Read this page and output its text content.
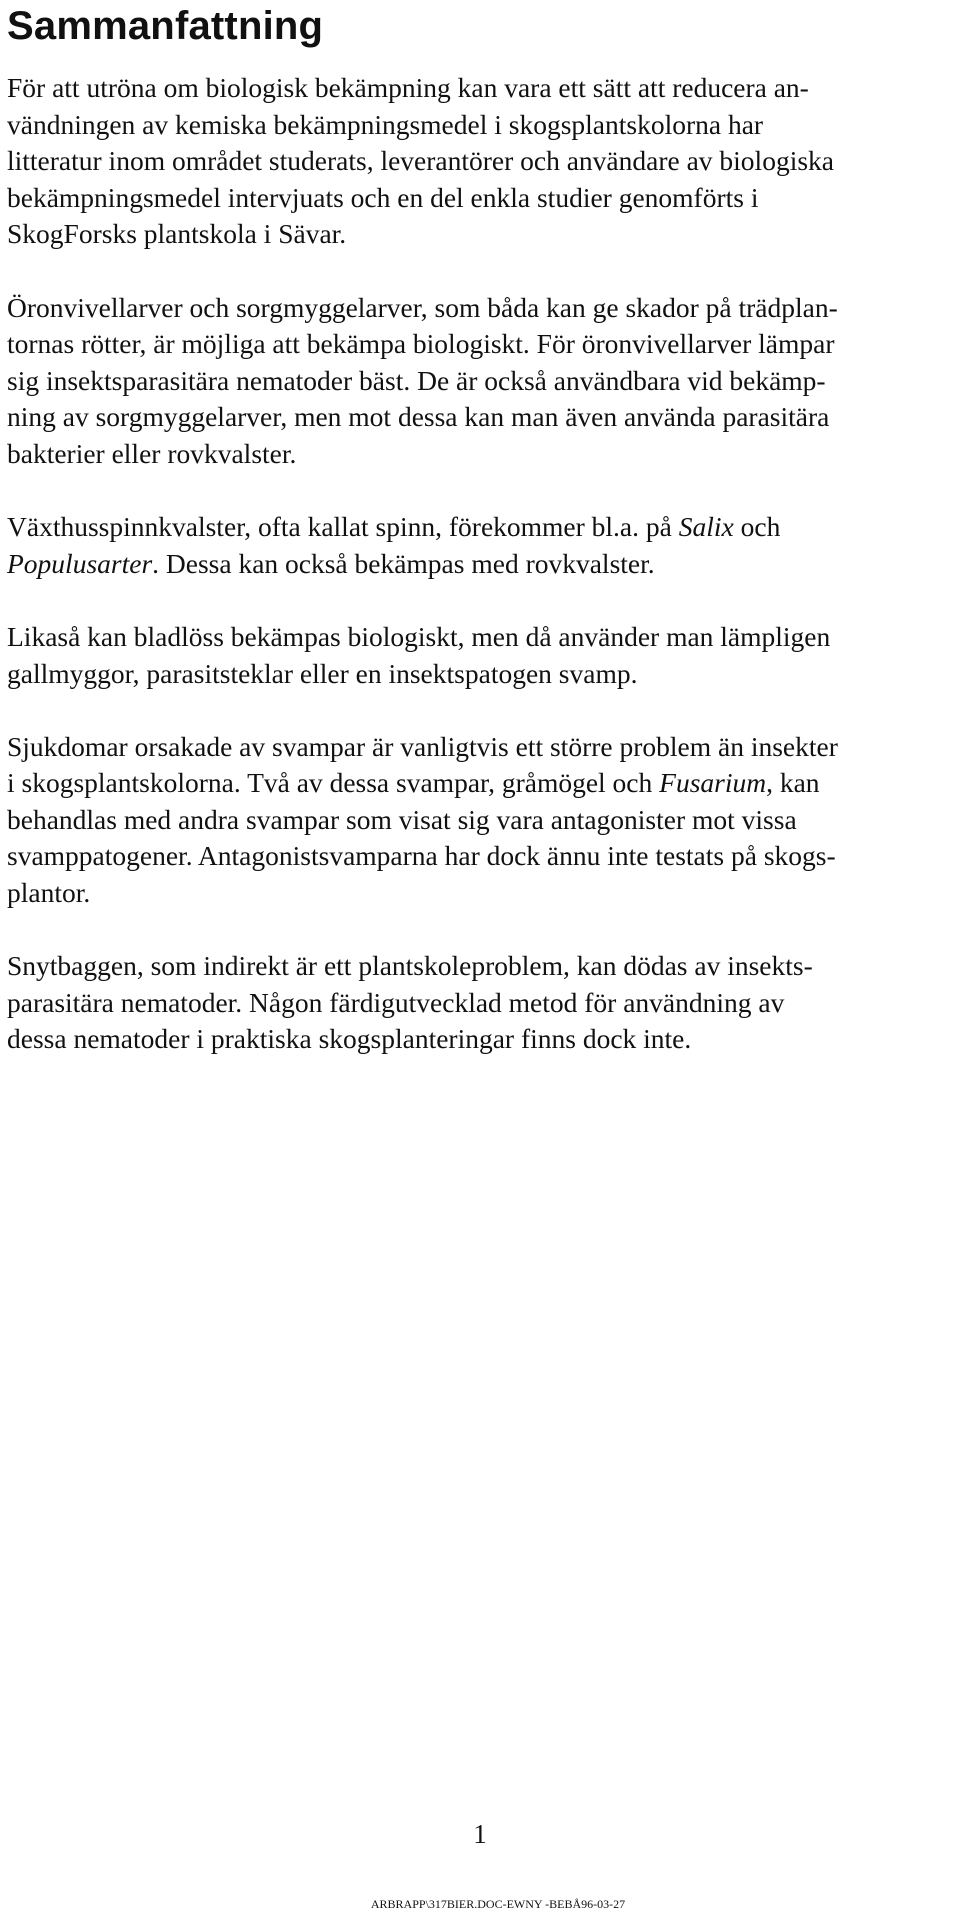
Sammanfattning

För att utröna om biologisk bekämpning kan vara ett sätt att reducera an-
vändningen av kemiska bekämpningsmedel i skogsplantskolorna har
litteratur inom området studerats, leverantörer och användare av biologiska
bekämpningsmedel intervjuats och en del enkla studier genomförts i
SkogForsks plantskola i Sävar.

Öronvivellarver och sorgmyggelarver, som båda kan ge skador på trädplan-
tornas rötter, är möjliga att bekämpa biologiskt. För öronvivellarver lämpar
sig insektsparasitära nematoder bäst. De är också användbara vid bekämp-
ning av sorgmyggelarver, men mot dessa kan man även använda parasitära
bakterier eller rovkvalster.

Växthusspinnkvalster, ofta kallat spinn, förekommer bl.a. på Salix och
Populusarter. Dessa kan också bekämpas med rovkvalster.

Likaså kan bladlöss bekämpas biologiskt, men då använder man lämpligen
gallmyggor, parasitsteklar eller en insektspatogen svamp.

Sjukdomar orsakade av svampar är vanligtvis ett större problem än insekter
i skogsplantskolorna. Två av dessa svampar, gråmögel och Fusarium, kan
behandlas med andra svampar som visat sig vara antagonister mot vissa
svamppatogener. Antagonistsvamparna har dock ännu inte testats på skogs-
plantor.

Snytbaggen, som indirekt är ett plantskoleproblem, kan dödas av insekts-
parasitära nematoder. Någon färdigutvecklad metod för användning av
dessa nematoder i praktiska skogsplanteringar finns dock inte.

1
ARBRAPP\317BIER.DOC-EWNY -BEBÅ96-03-27
